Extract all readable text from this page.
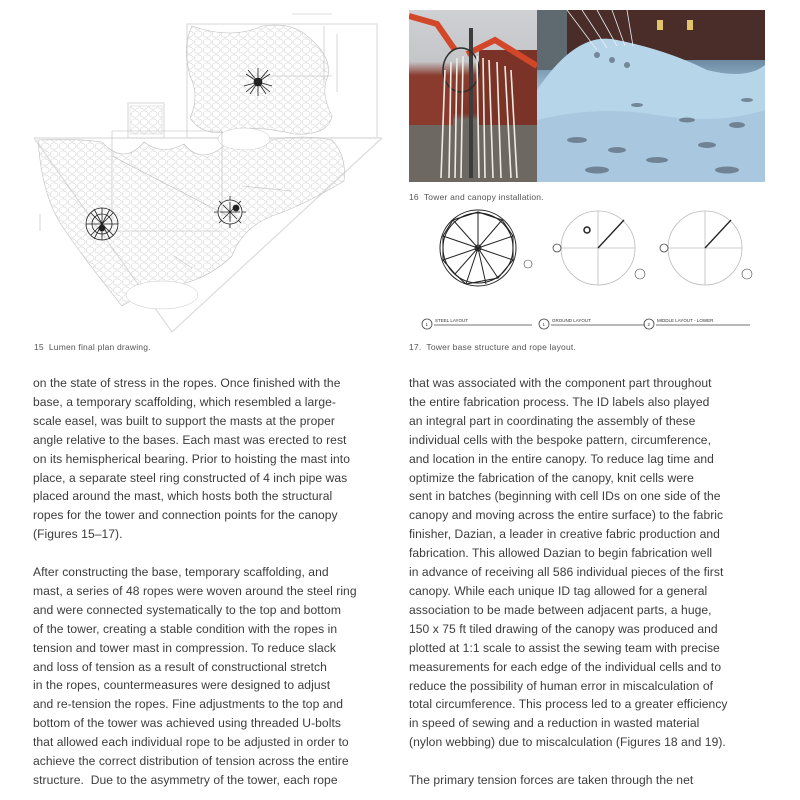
15 Lumen final plan drawing.
16 Tower and canopy installation.
1
STEEL LAYOUT
1
GROUND LAYOUT
2
MIDDLE LAYOUT - LOWER
17. Tower base structure and rope layout.

on the state of stress in the ropes. Once finished with the

base, a temporary scaffolding, which resembled a large-

scale easel, was built to support the masts at the proper

angle relative to the bases. Each mast was erected to rest

on its hemispherical bearing. Prior to hoisting the mast into

place, a separate steel ring constructed of 4 inch pipe was

placed around the mast, which hosts both the structural

ropes for the tower and connection points for the canopy

(Figures 15–17).

After constructing the base, temporary scaffolding, and

mast, a series of 48 ropes were woven around the steel ring

and were connected systematically to the top and bottom

of the tower, creating a stable condition with the ropes in

tension and tower mast in compression. To reduce slack

and loss of tension as a result of constructional stretch

in the ropes, countermeasures were designed to adjust

and re-tension the ropes. Fine adjustments to the top and

bottom of the tower was achieved using threaded U-bolts

that allowed each individual rope to be adjusted in order to

achieve the correct distribution of tension across the entire

structure.  Due to the asymmetry of the tower, each rope

that was associated with the component part throughout

the entire fabrication process. The ID labels also played

an integral part in coordinating the assembly of these

individual cells with the bespoke pattern, circumference,

and location in the entire canopy. To reduce lag time and

optimize the fabrication of the canopy, knit cells were

sent in batches (beginning with cell IDs on one side of the

canopy and moving across the entire surface) to the fabric

finisher, Dazian, a leader in creative fabric production and

fabrication. This allowed Dazian to begin fabrication well

in advance of receiving all 586 individual pieces of the first

canopy. While each unique ID tag allowed for a general

association to be made between adjacent parts, a huge,

150 x 75 ft tiled drawing of the canopy was produced and

plotted at 1:1 scale to assist the sewing team with precise

measurements for each edge of the individual cells and to

reduce the possibility of human error in miscalculation of

total circumference. This process led to a greater efficiency

in speed of sewing and a reduction in wasted material

(nylon webbing) due to miscalculation (Figures 18 and 19).

The primary tension forces are taken through the net
